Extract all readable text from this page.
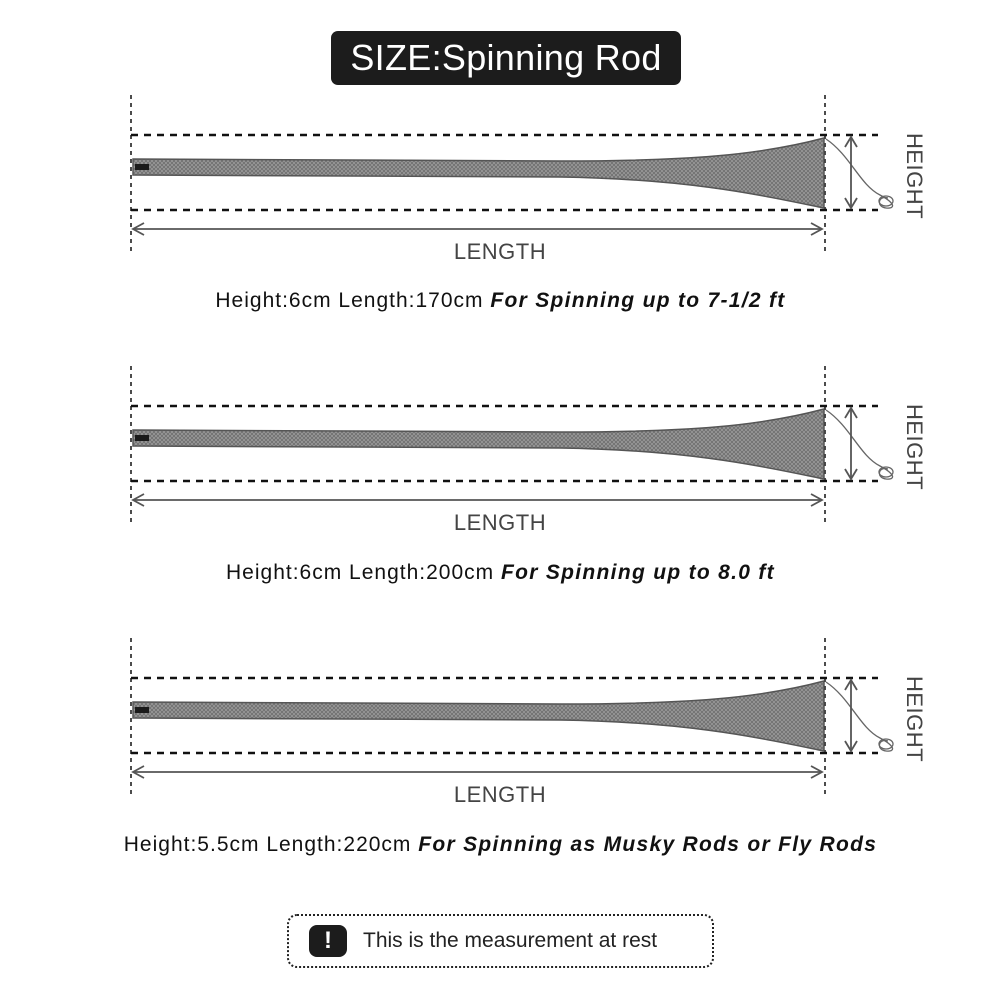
SIZE:Spinning Rod
LENGTH
HEIGHT
LENGTH
HEIGHT
LENGTH
HEIGHT
Height:6cm Length:170cm For Spinning up to 7-1/2 ft
Height:6cm Length:200cm For Spinning up to 8.0 ft
Height:5.5cm Length:220cm For Spinning as Musky Rods or Fly Rods
!	This is the measurement at rest
